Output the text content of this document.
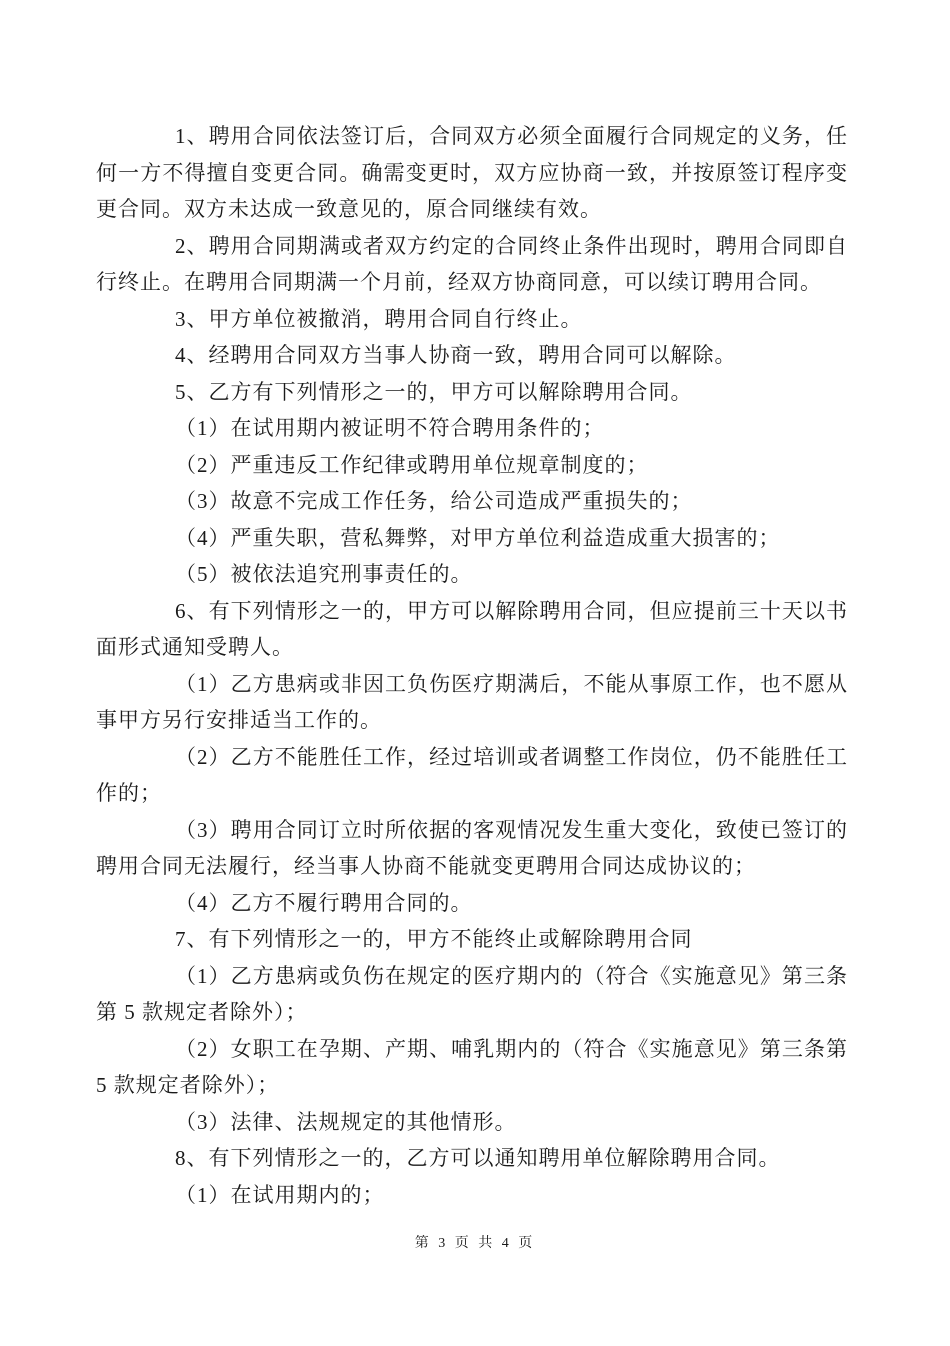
1、聘用合同依法签订后，合同双方必须全面履行合同规定的义务，任何一方不得擅自变更合同。确需变更时，双方应协商一致，并按原签订程序变更合同。双方未达成一致意见的，原合同继续有效。

2、聘用合同期满或者双方约定的合同终止条件出现时，聘用合同即自行终止。在聘用合同期满一个月前，经双方协商同意，可以续订聘用合同。

3、甲方单位被撤消，聘用合同自行终止。

4、经聘用合同双方当事人协商一致，聘用合同可以解除。

5、乙方有下列情形之一的，甲方可以解除聘用合同。

（1）在试用期内被证明不符合聘用条件的；

（2）严重违反工作纪律或聘用单位规章制度的；

（3）故意不完成工作任务，给公司造成严重损失的；

（4）严重失职，营私舞弊，对甲方单位利益造成重大损害的；

（5）被依法追究刑事责任的。

6、有下列情形之一的，甲方可以解除聘用合同，但应提前三十天以书面形式通知受聘人。

（1）乙方患病或非因工负伤医疗期满后，不能从事原工作，也不愿从事甲方另行安排适当工作的。

（2）乙方不能胜任工作，经过培训或者调整工作岗位，仍不能胜任工作的；

（3）聘用合同订立时所依据的客观情况发生重大变化，致使已签订的聘用合同无法履行，经当事人协商不能就变更聘用合同达成协议的；

（4）乙方不履行聘用合同的。

7、有下列情形之一的，甲方不能终止或解除聘用合同

（1）乙方患病或负伤在规定的医疗期内的（符合《实施意见》第三条第 5 款规定者除外）；

（2）女职工在孕期、产期、哺乳期内的（符合《实施意见》第三条第 5 款规定者除外）；

（3）法律、法规规定的其他情形。

8、有下列情形之一的，乙方可以通知聘用单位解除聘用合同。

（1）在试用期内的；

第 3 页 共 4 页
